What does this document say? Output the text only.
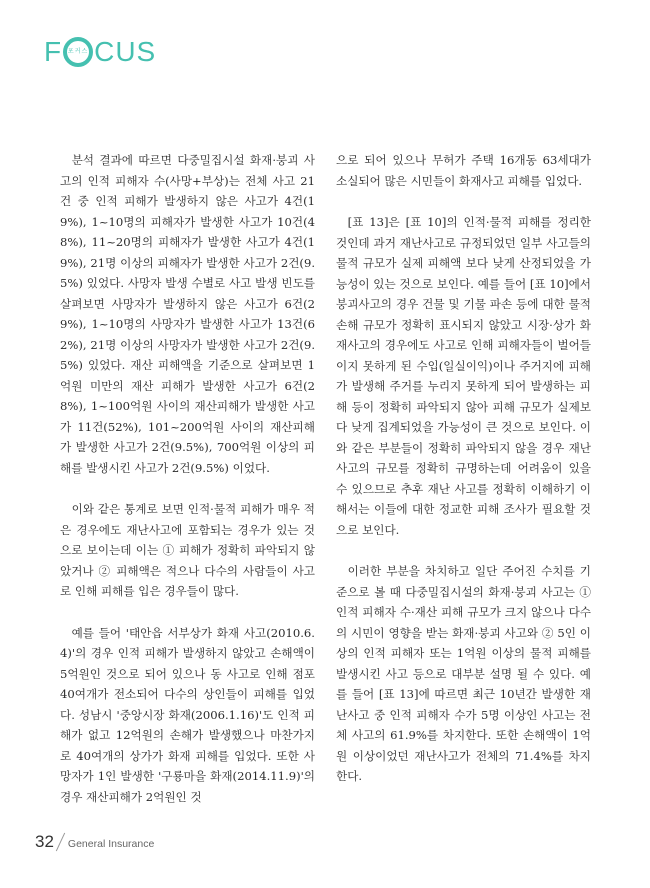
F 포커스 CUS

분석 결과에 따르면 다중밀집시설 화재·붕괴 사고의 인적 피해자 수(사망+부상)는 전체 사고 21건 중 인적 피해가 발생하지 않은 사고가 4건(19%), 1~10명의 피해자가 발생한 사고가 10건(48%), 11~20명의 피해자가 발생한 사고가 4건(19%), 21명 이상의 피해자가 발생한 사고가 2건(9.5%) 있었다. 사망자 발생 수별로 사고 발생 빈도를 살펴보면 사망자가 발생하지 않은 사고가 6건(29%), 1~10명의 사망자가 발생한 사고가 13건(62%), 21명 이상의 사망자가 발생한 사고가 2건(9.5%) 있었다. 재산 피해액을 기준으로 살펴보면 1억원 미만의 재산 피해가 발생한 사고가 6건(28%), 1~100억원 사이의 재산피해가 발생한 사고가 11건(52%), 101~200억원 사이의 재산피해가 발생한 사고가 2건(9.5%), 700억원 이상의 피해를 발생시킨 사고가 2건(9.5%) 이었다.

이와 같은 통계로 보면 인적·물적 피해가 매우 적은 경우에도 재난사고에 포함되는 경우가 있는 것으로 보이는데 이는 ① 피해가 정확히 파악되지 않았거나 ② 피해액은 적으나 다수의 사람들이 사고로 인해 피해를 입은 경우들이 많다.

예를 들어 '태안읍 서부상가 화재 사고(2010.6.4)'의 경우 인적 피해가 발생하지 않았고 손해액이 5억원인 것으로 되어 있으나 동 사고로 인해 점포 40여개가 전소되어 다수의 상인들이 피해를 입었다. 성남시 '중앙시장 화재(2006.1.16)'도 인적 피해가 없고 12억원의 손해가 발생했으나 마찬가지로 40여개의 상가가 화재 피해를 입었다. 또한 사망자가 1인 발생한 '구룡마을 화재(2014.11.9)'의 경우 재산피해가 2억원인 것

으로 되어 있으나 무허가 주택 16개동 63세대가 소실되어 많은 시민들이 화재사고 피해를 입었다.

[표 13]은 [표 10]의 인적·물적 피해를 정리한 것인데 과거 재난사고로 규정되었던 일부 사고들의 물적 규모가 실제 피해액 보다 낮게 산정되었을 가능성이 있는 것으로 보인다. 예를 들어 [표 10]에서 붕괴사고의 경우 건물 및 기물 파손 등에 대한 물적 손해 규모가 정확히 표시되지 않았고 시장·상가 화재사고의 경우에도 사고로 인해 피해자들이 벌어들이지 못하게 된 수입(일실이익)이나 주거지에 피해가 발생해 주거를 누리지 못하게 되어 발생하는 피해 등이 정확히 파악되지 않아 피해 규모가 실제보다 낮게 집계되었을 가능성이 큰 것으로 보인다. 이와 같은 부분들이 정확히 파악되지 않을 경우 재난사고의 규모를 정확히 규명하는데 어려움이 있을 수 있으므로 추후 재난 사고를 정확히 이해하기 이해서는 이들에 대한 정교한 피해 조사가 필요할 것으로 보인다.

이러한 부분을 차치하고 일단 주어진 수치를 기준으로 볼 때 다중밀집시설의 화재·붕괴 사고는 ① 인적 피해자 수·재산 피해 규모가 크지 않으나 다수의 시민이 영향을 받는 화재·붕괴 사고와 ② 5인 이상의 인적 피해자 또는 1억원 이상의 물적 피해를 발생시킨 사고 등으로 대부분 설명 될 수 있다. 예를 들어 [표 13]에 따르면 최근 10년간 발생한 재난사고 중 인적 피해자 수가 5명 이상인 사고는 전체 사고의 61.9%를 차지한다. 또한 손해액이 1억원 이상이었던 재난사고가 전체의 71.4%를 차지한다.

32 General Insurance
